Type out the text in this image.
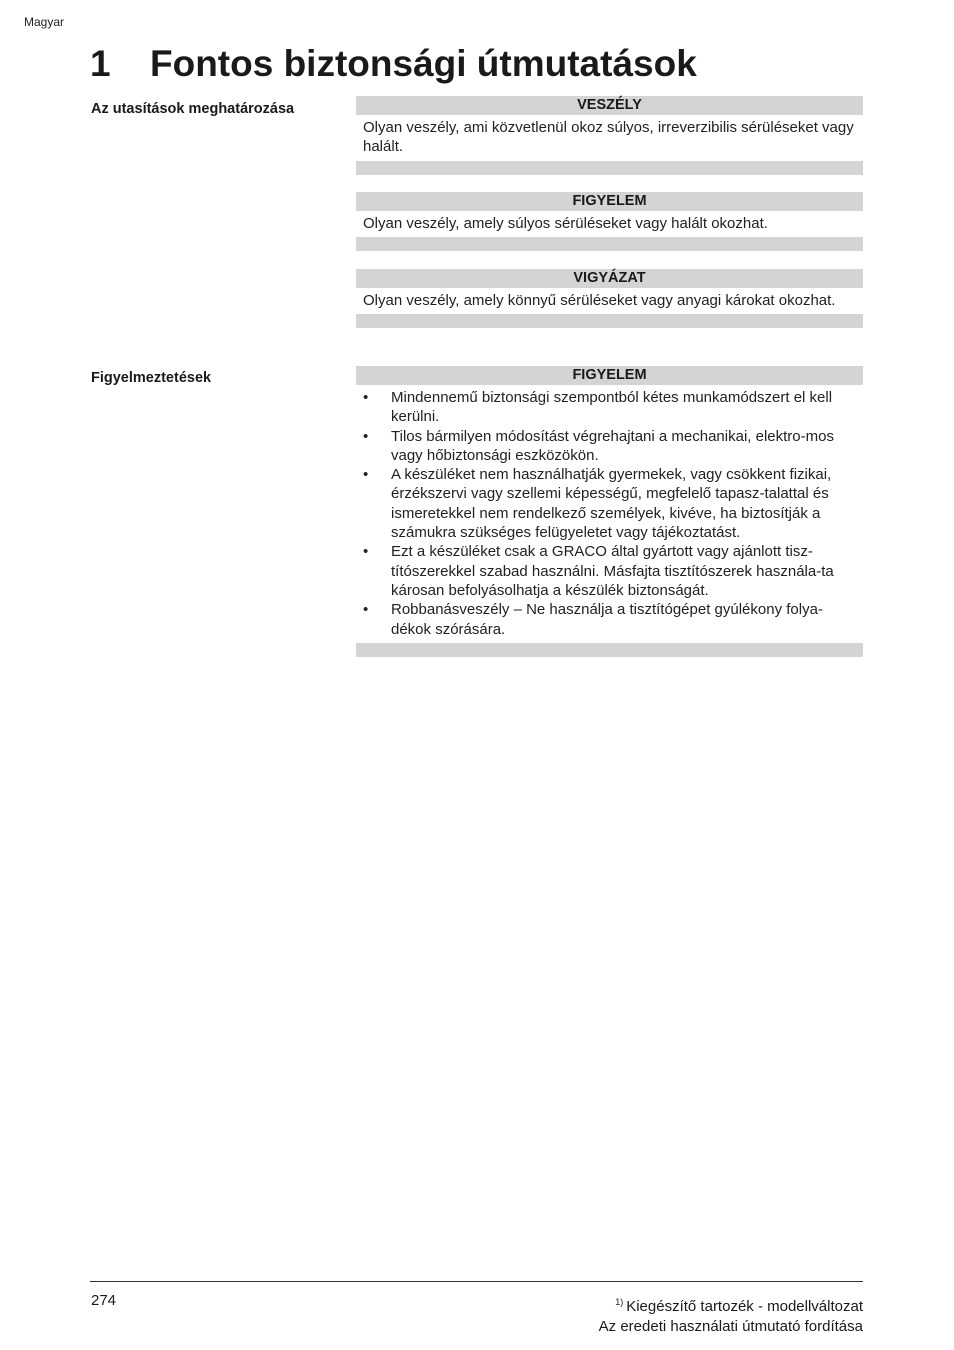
Magyar
1 Fontos biztonsági útmutatások
Az utasítások meghatározása	VESZÉLY
Olyan veszély, ami közvetlenül okoz súlyos, irreverzibilis sérüléseket vagy halált.
FIGYELEM
Olyan veszély, amely súlyos sérüléseket vagy halált okozhat.
VIGYÁZAT
Olyan veszély, amely könnyű sérüléseket vagy anyagi károkat okozhat.
Figyelmeztetések	FIGYELEM
•	Mindennemű biztonsági szempontból kétes munkamódszert el kell kerülni.
•	Tilos bármilyen módosítást végrehajtani a mechanikai, elektro-mos vagy hőbiztonsági eszközökön.
•	A készüléket nem használhatják gyermekek, vagy csökkent fizikai, érzékszervi vagy szellemi képességű, megfelelő tapasz-talattal és ismeretekkel nem rendelkező személyek, kivéve, ha biztosítják a számukra szükséges felügyeletet vagy tájékoztatást.
•	Ezt a készüléket csak a GRACO által gyártott vagy ajánlott tisz-títószerekkel szabad használni. Másfajta tisztítószerek használa-ta károsan befolyásolhatja a készülék biztonságát.
•	Robbanásveszély – Ne használja a tisztítógépet gyúlékony folya-dékok szórására.
274	$^{1)}$ Kiegészítő tartozék - modellváltozat
Az eredeti használati útmutató fordítása
